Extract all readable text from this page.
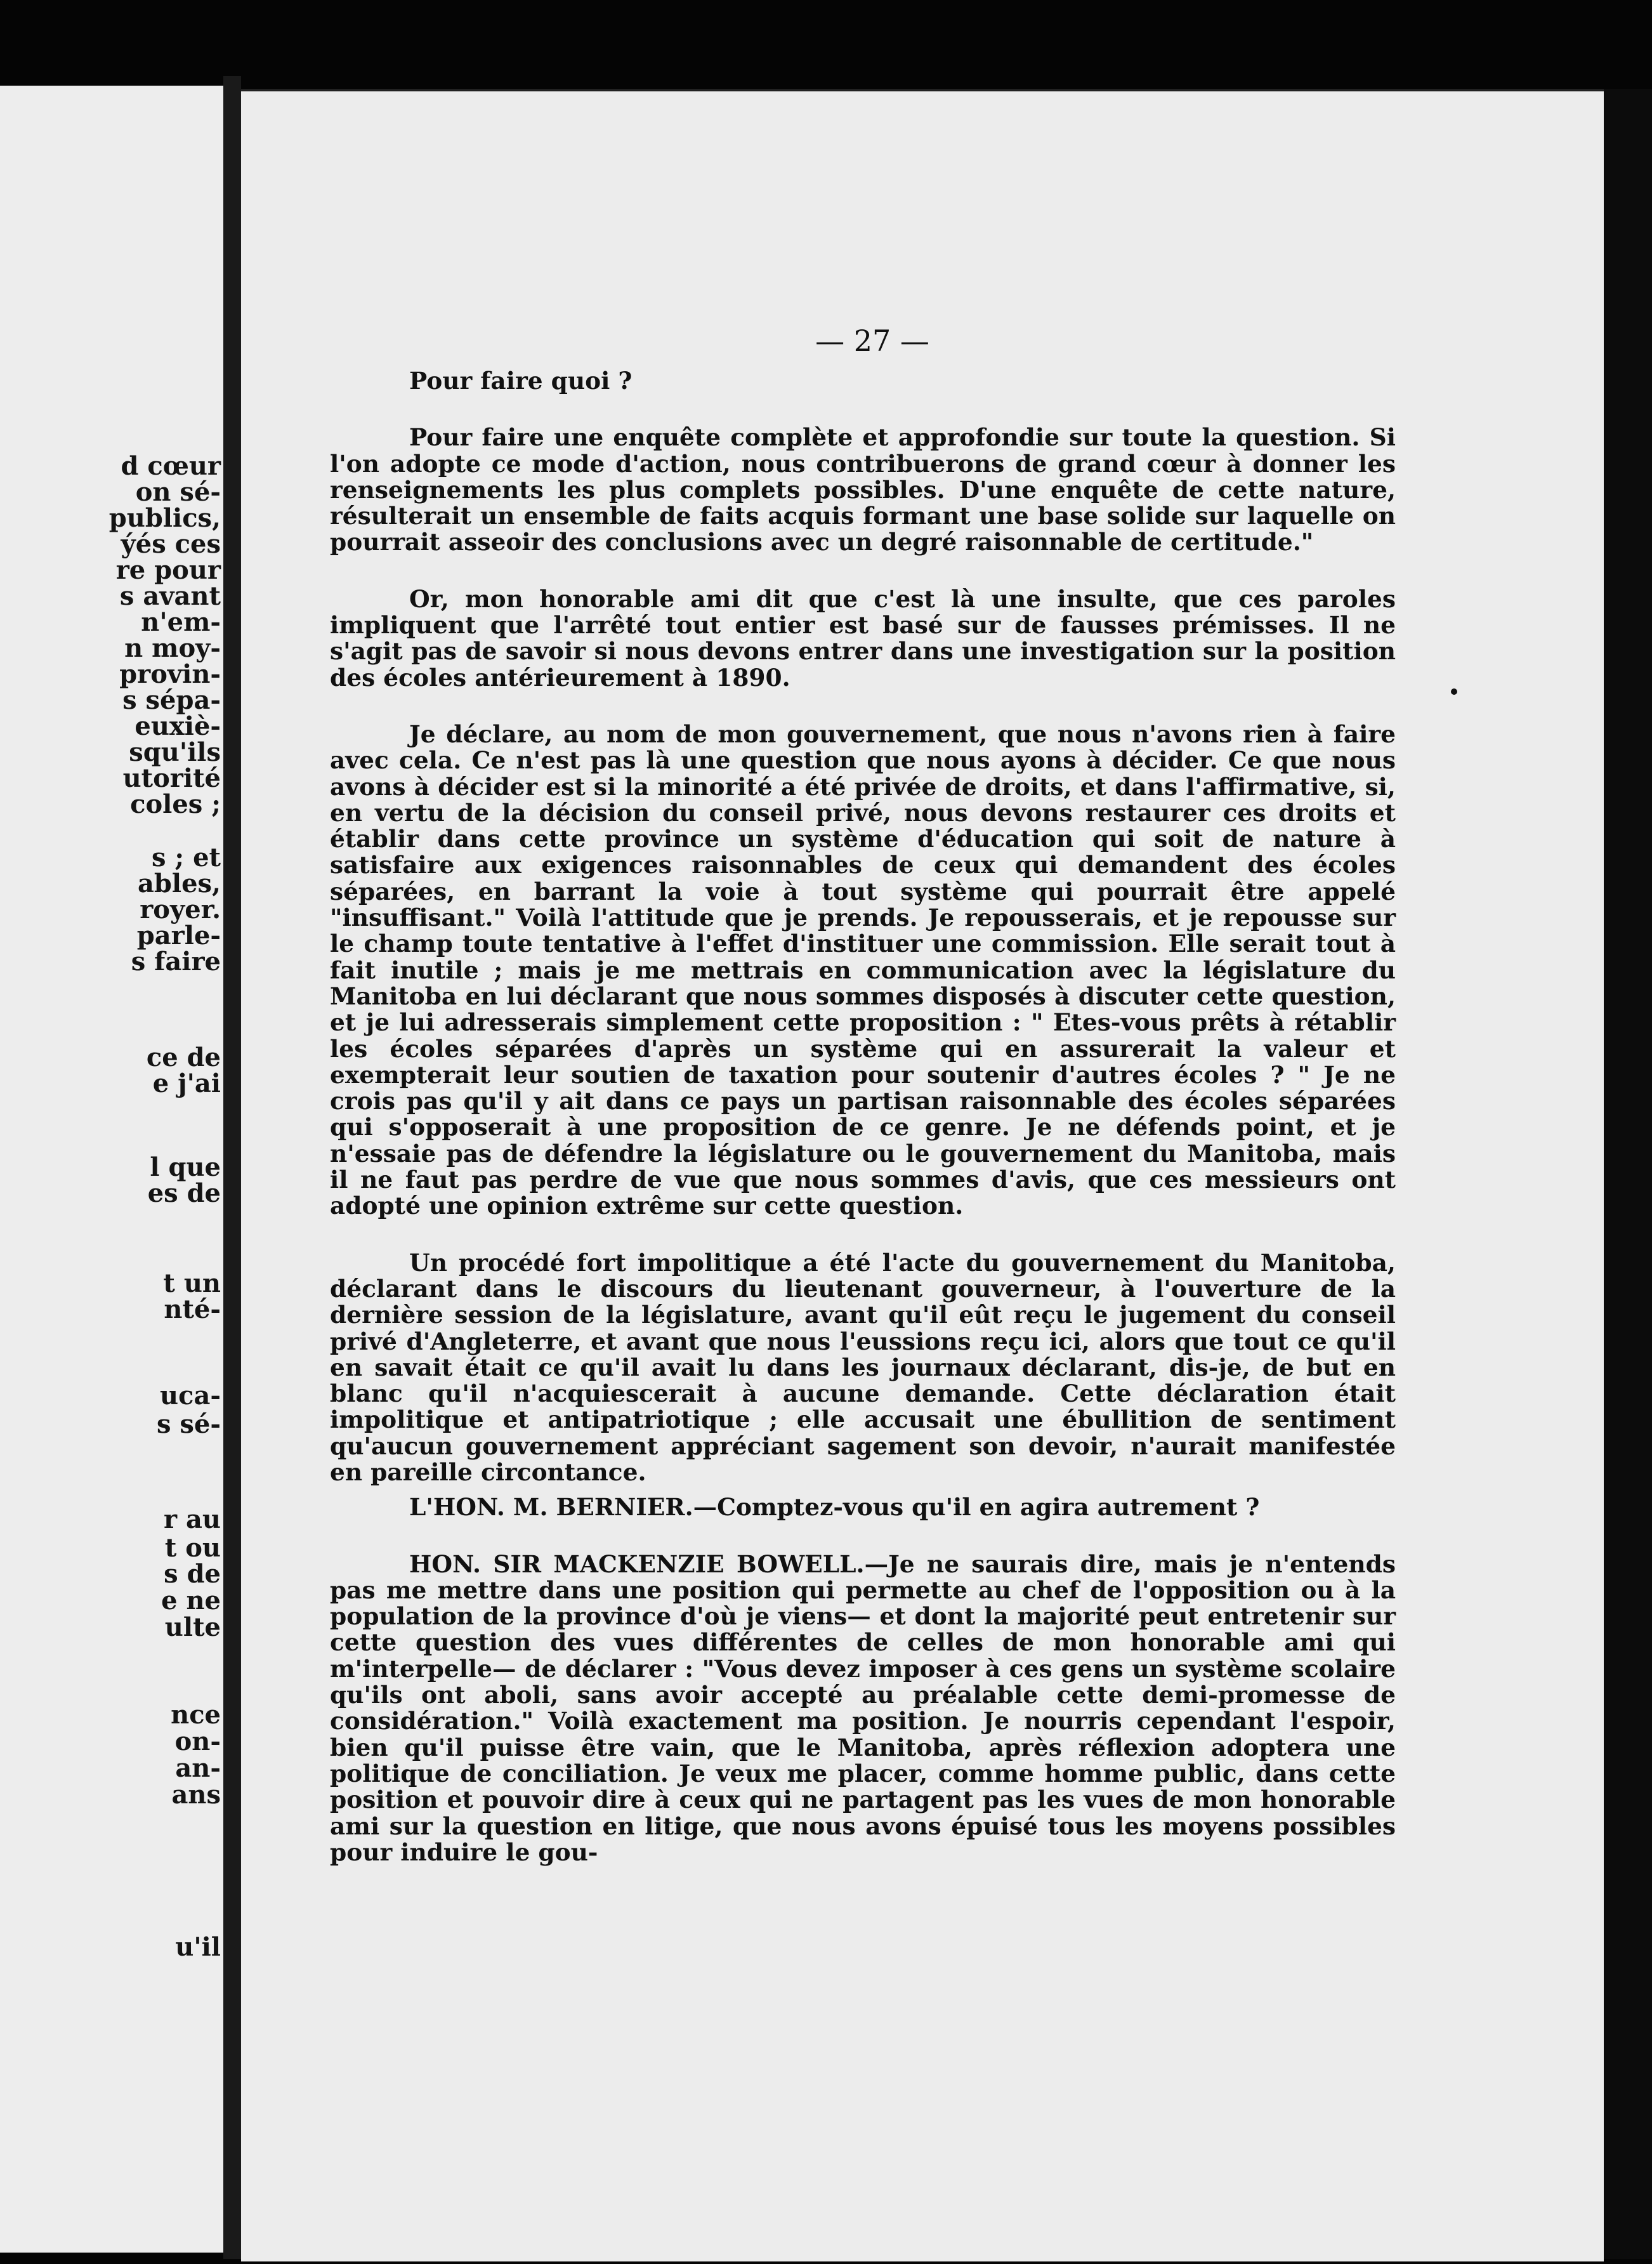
d cœur
on sé-
publics,
ýés ces
re pour
s avant
n'em-
n moy-
provin-
s sépa-
euxiè-
squ'ils
utorité
coles ;
s ; et
ables,
royer.
parle-
s faire
ce de
e j'ai
l que
es de
t un
nté-
uca-
s sé-
r au
t ou
s de
e ne
ulte
nce
on-
an-
ans
u'il
— 27 —

Pour faire quoi ?

Pour faire une enquête complète et approfondie sur toute la question. Si l'on adopte ce mode d'action, nous contribuerons de grand cœur à donner les renseignements les plus complets possibles. D'une enquête de cette nature, résulterait un ensemble de faits acquis formant une base solide sur laquelle on pourrait asseoir des conclusions avec un degré raisonnable de certitude."

Or, mon honorable ami dit que c'est là une insulte, que ces paroles impliquent que l'arrêté tout entier est basé sur de fausses prémisses. Il ne s'agit pas de savoir si nous devons entrer dans une investigation sur la position des écoles antérieurement à 1890.

Je déclare, au nom de mon gouvernement, que nous n'avons rien à faire avec cela. Ce n'est pas là une question que nous ayons à décider. Ce que nous avons à décider est si la minorité a été privée de droits, et dans l'affirmative, si, en vertu de la décision du conseil privé, nous devons restaurer ces droits et établir dans cette province un système d'éducation qui soit de nature à satisfaire aux exigences raisonnables de ceux qui demandent des écoles séparées, en barrant la voie à tout système qui pourrait être appelé "insuffisant." Voilà l'attitude que je prends. Je repousserais, et je repousse sur le champ toute tentative à l'effet d'instituer une commission. Elle serait tout à fait inutile ; mais je me mettrais en communication avec la législature du Manitoba en lui déclarant que nous sommes disposés à discuter cette question, et je lui adresserais simplement cette proposition : " Etes-vous prêts à rétablir les écoles séparées d'après un système qui en assurerait la valeur et exempterait leur soutien de taxation pour soutenir d'autres écoles ? " Je ne crois pas qu'il y ait dans ce pays un partisan raisonnable des écoles séparées qui s'opposerait à une proposition de ce genre. Je ne défends point, et je n'essaie pas de défendre la législature ou le gouvernement du Manitoba, mais il ne faut pas perdre de vue que nous sommes d'avis, que ces messieurs ont adopté une opinion extrême sur cette question.

Un procédé fort impolitique a été l'acte du gouvernement du Manitoba, déclarant dans le discours du lieutenant gouverneur, à l'ouverture de la dernière session de la législature, avant qu'il eût reçu le jugement du conseil privé d'Angleterre, et avant que nous l'eussions reçu ici, alors que tout ce qu'il en savait était ce qu'il avait lu dans les journaux déclarant, dis-je, de but en blanc qu'il n'acquiescerait à aucune demande. Cette déclaration était impolitique et antipatriotique ; elle accusait une ébullition de sentiment qu'aucun gouvernement appréciant sagement son devoir, n'aurait manifestée en pareille circontance.

L'HON. M. BERNIER.—Comptez-vous qu'il en agira autrement ?

HON. SIR MACKENZIE BOWELL.—Je ne saurais dire, mais je n'entends pas me mettre dans une position qui permette au chef de l'opposition ou à la population de la province d'où je viens— et dont la majorité peut entretenir sur cette question des vues différentes de celles de mon honorable ami qui m'interpelle— de déclarer : "Vous devez imposer à ces gens un système scolaire qu'ils ont aboli, sans avoir accepté au préalable cette demi-promesse de considération." Voilà exactement ma position. Je nourris cependant l'espoir, bien qu'il puisse être vain, que le Manitoba, après réflexion adoptera une politique de conciliation. Je veux me placer, comme homme public, dans cette position et pouvoir dire à ceux qui ne partagent pas les vues de mon honorable ami sur la question en litige, que nous avons épuisé tous les moyens possibles pour induire le gou-
